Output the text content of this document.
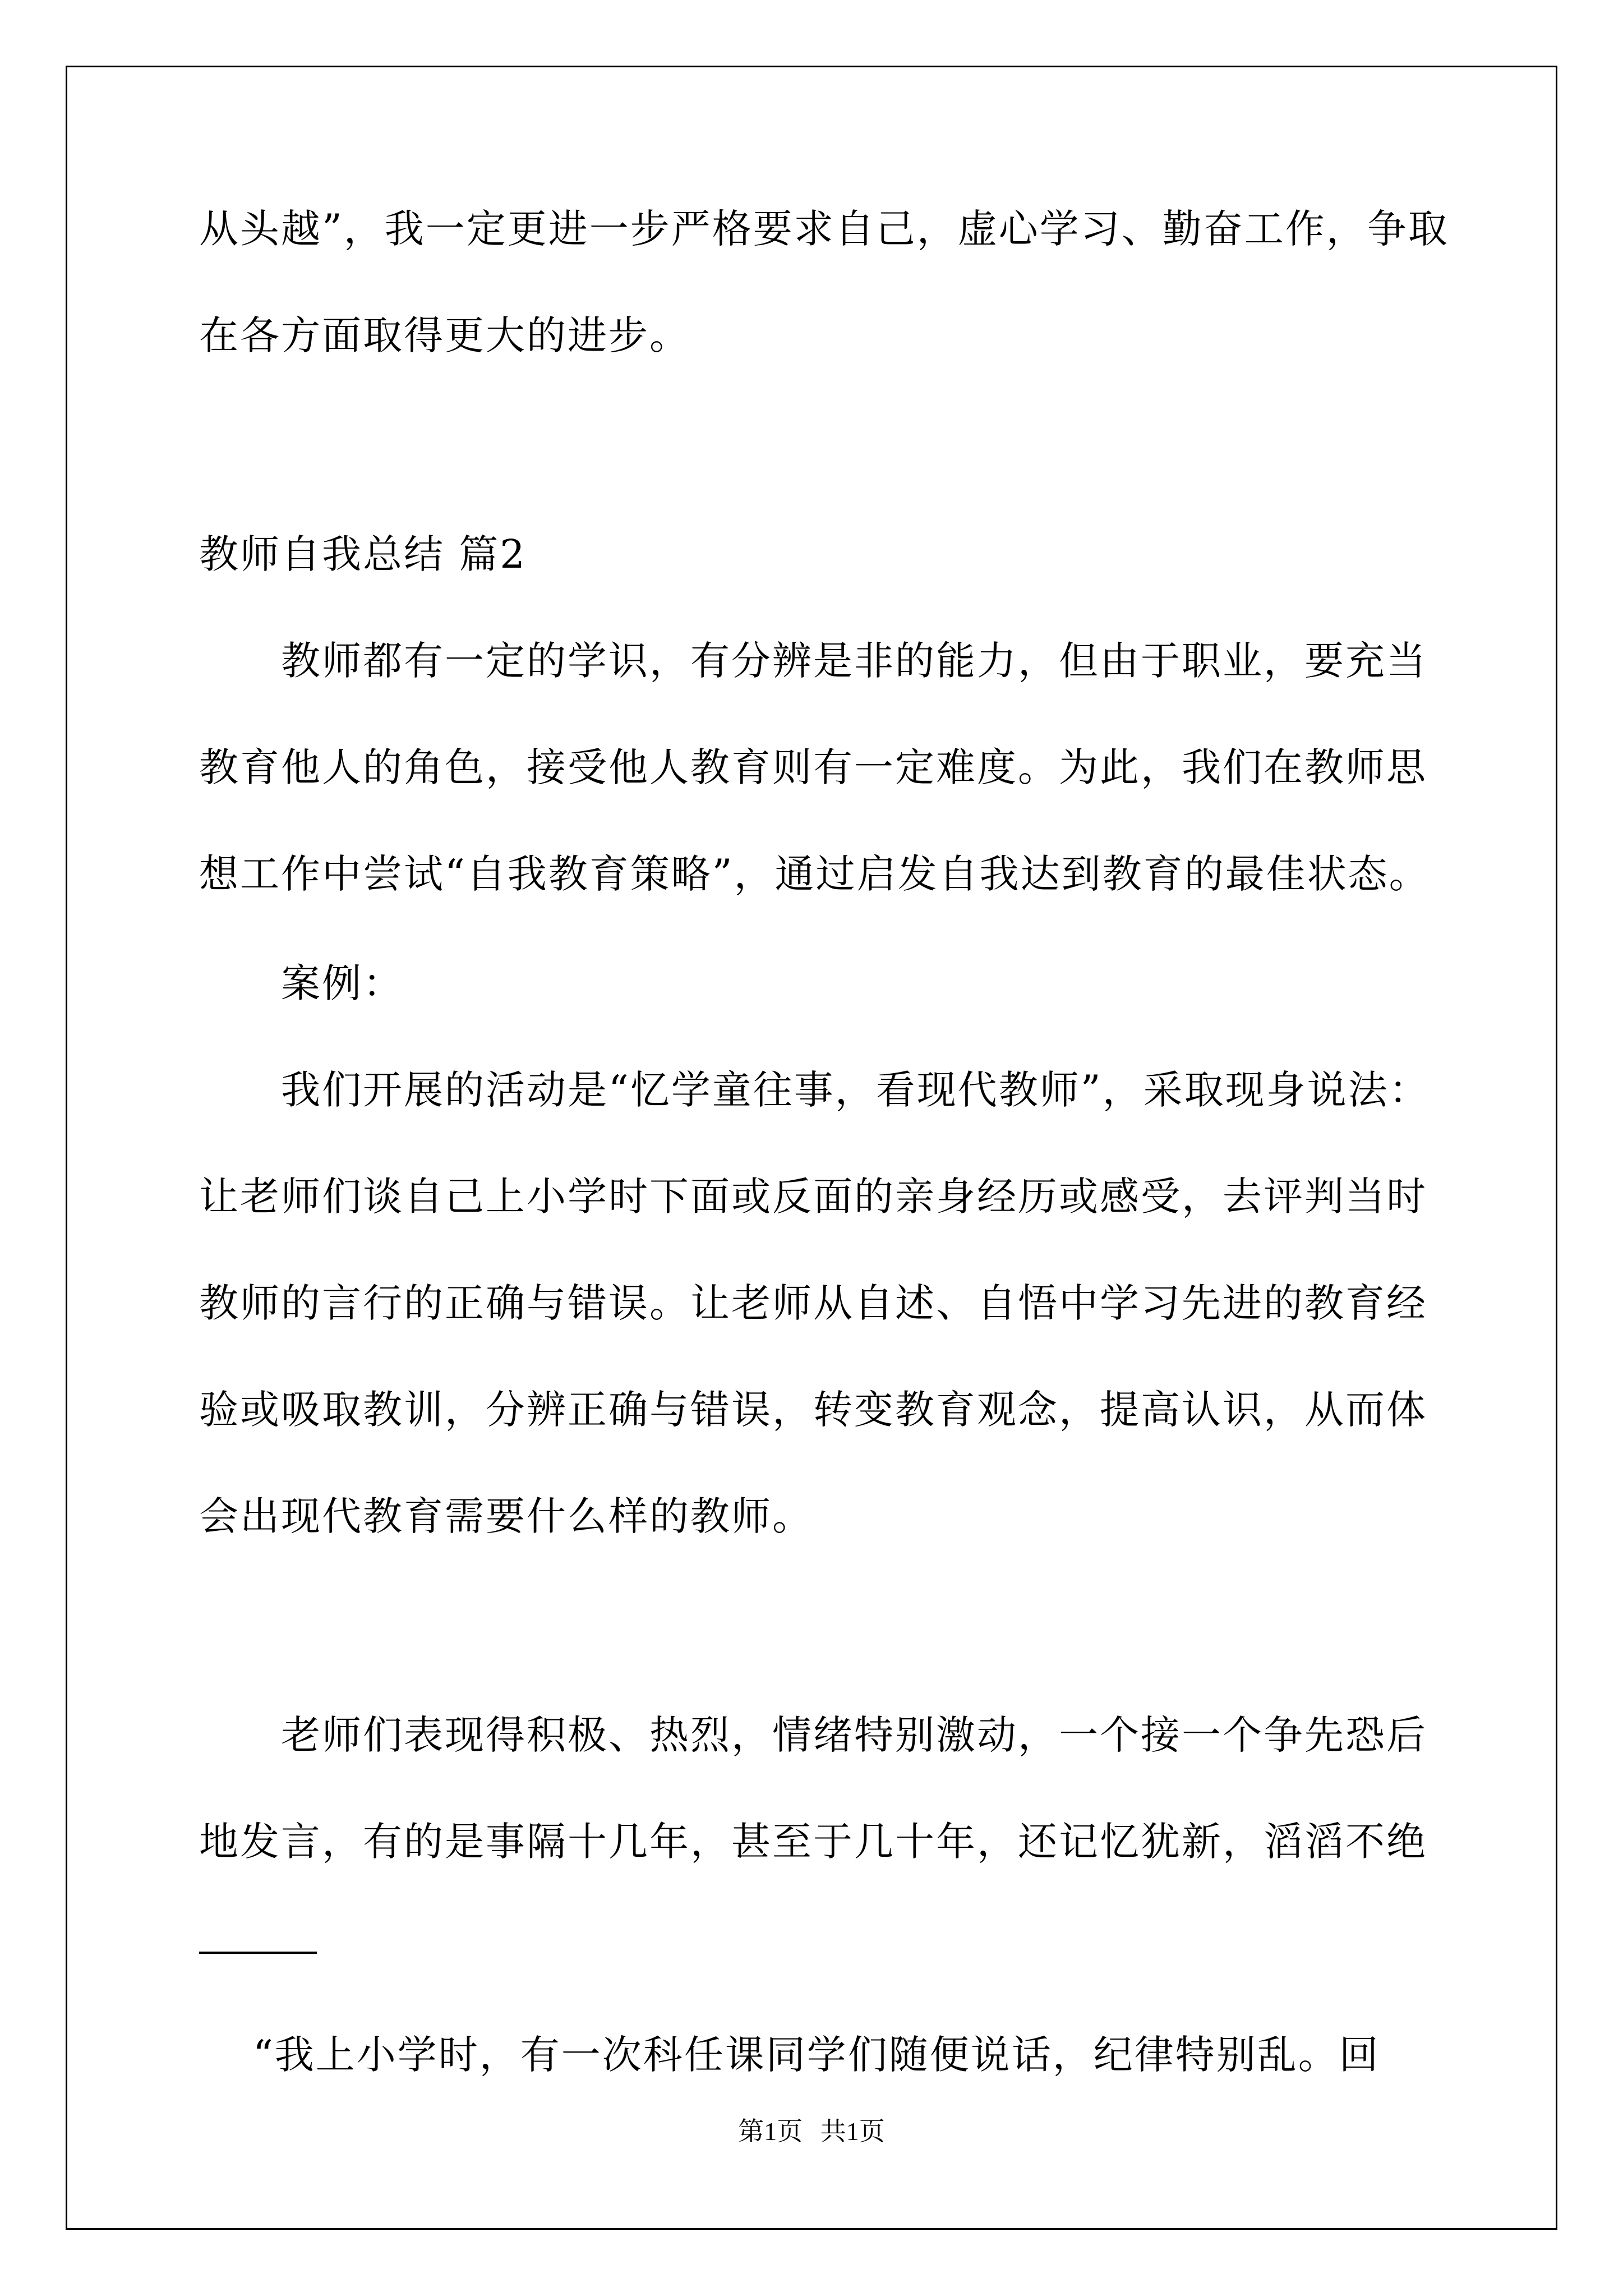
从头越”，我一定更进一步严格要求自己，虚心学习、勤奋工作，争取
在各方面取得更大的进步。
教师自我总结 篇2
教师都有一定的学识，有分辨是非的能力，但由于职业，要充当
教育他人的角色，接受他人教育则有一定难度。为此，我们在教师思
想工作中尝试“自我教育策略”，通过启发自我达到教育的最佳状态。
案例：
我们开展的活动是“忆学童往事，看现代教师”，采取现身说法：
让老师们谈自己上小学时下面或反面的亲身经历或感受，去评判当时
教师的言行的正确与错误。让老师从自述、自悟中学习先进的教育经
验或吸取教训，分辨正确与错误，转变教育观念，提高认识，从而体
会出现代教育需要什么样的教师。
老师们表现得积极、热烈，情绪特别激动，一个接一个争先恐后
地发言，有的是事隔十几年，甚至于几十年，还记忆犹新，滔滔不绝
“我上小学时，有一次科任课同学们随便说话，纪律特别乱。回
第1页 共1页
